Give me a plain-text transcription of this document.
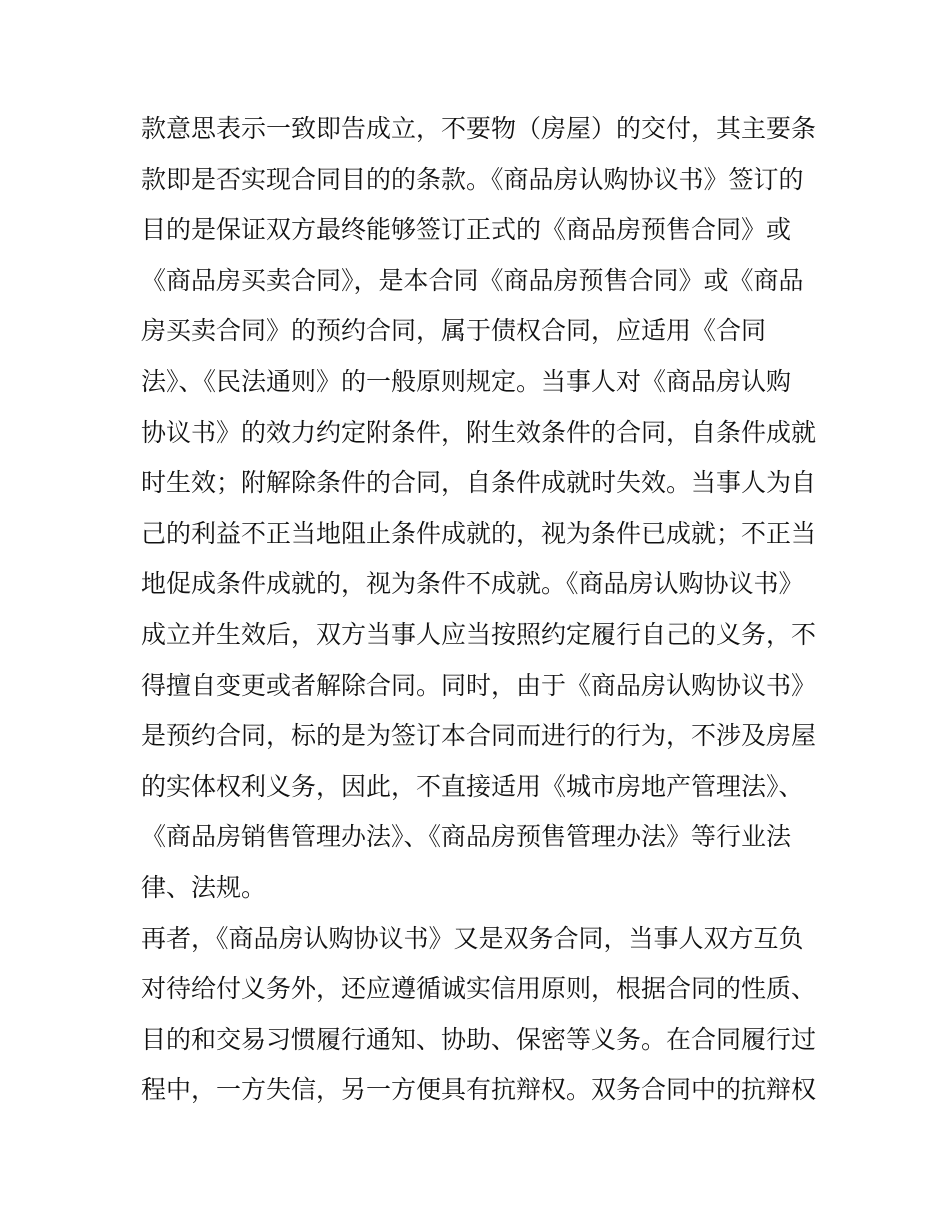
款意思表示一致即告成立，不要物（房屋）的交付，其主要条
款即是否实现合同目的的条款。《商品房认购协议书》签订的
目的是保证双方最终能够签订正式的《商品房预售合同》或
《商品房买卖合同》，是本合同《商品房预售合同》或《商品
房买卖合同》的预约合同，属于债权合同，应适用《合同
法》、《民法通则》的一般原则规定。当事人对《商品房认购
协议书》的效力约定附条件，附生效条件的合同，自条件成就
时生效；附解除条件的合同，自条件成就时失效。当事人为自
己的利益不正当地阻止条件成就的，视为条件已成就；不正当
地促成条件成就的，视为条件不成就。《商品房认购协议书》
成立并生效后，双方当事人应当按照约定履行自己的义务，不
得擅自变更或者解除合同。同时，由于《商品房认购协议书》
是预约合同，标的是为签订本合同而进行的行为，不涉及房屋
的实体权利义务，因此，不直接适用《城市房地产管理法》、
《商品房销售管理办法》、《商品房预售管理办法》等行业法
律、法规。
再者，《商品房认购协议书》又是双务合同，当事人双方互负
对待给付义务外，还应遵循诚实信用原则，根据合同的性质、
目的和交易习惯履行通知、协助、保密等义务。在合同履行过
程中，一方失信，另一方便具有抗辩权。双务合同中的抗辩权
